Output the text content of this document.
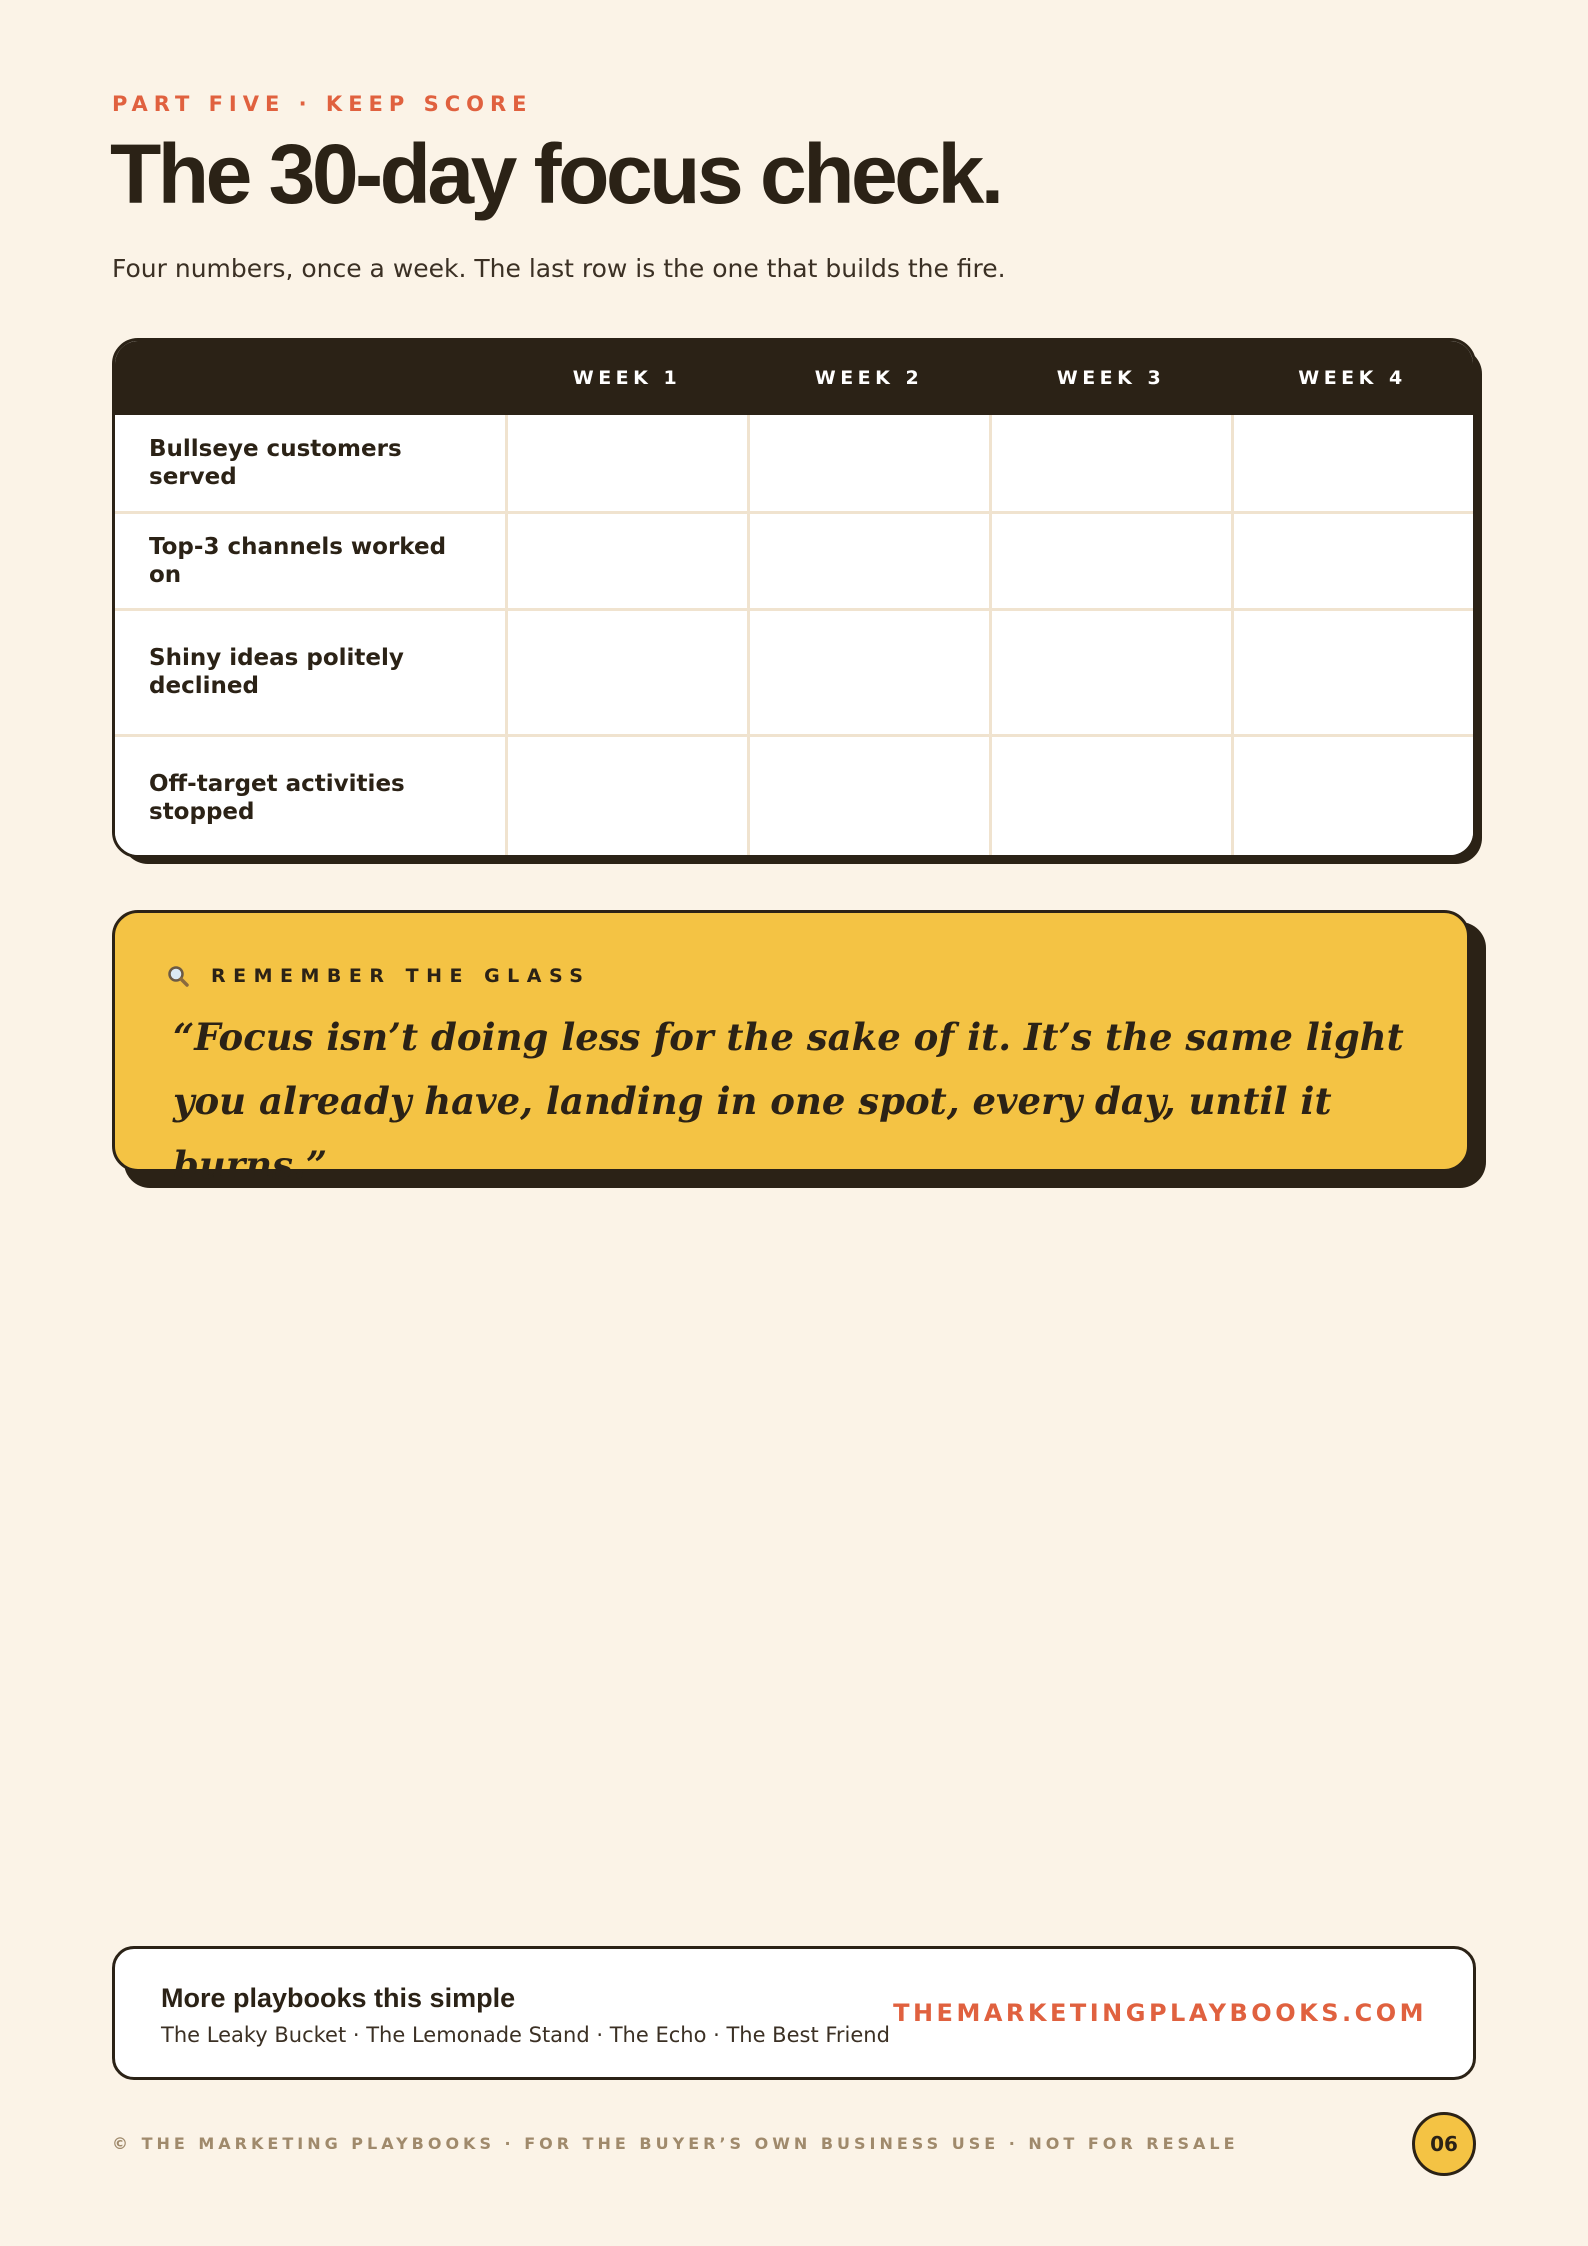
PART FIVE · KEEP SCORE
The 30-day focus check.
Four numbers, once a week. The last row is the one that builds the fire.
	WEEK 1	WEEK 2	WEEK 3	WEEK 4
Bullseye customers served				
Top-3 channels worked on				
Shiny ideas politely declined				
Off-target activities stopped				
REMEMBER THE GLASS
“Focus isn’t doing less for the sake of it. It’s the same light you already have, landing in one spot, every day, until it burns.”
More playbooks this simple
The Leaky Bucket · The Lemonade Stand · The Echo · The Best Friend
THEMARKETINGPLAYBOOKS.COM
© THE MARKETING PLAYBOOKS · FOR THE BUYER’S OWN BUSINESS USE · NOT FOR RESALE	06
